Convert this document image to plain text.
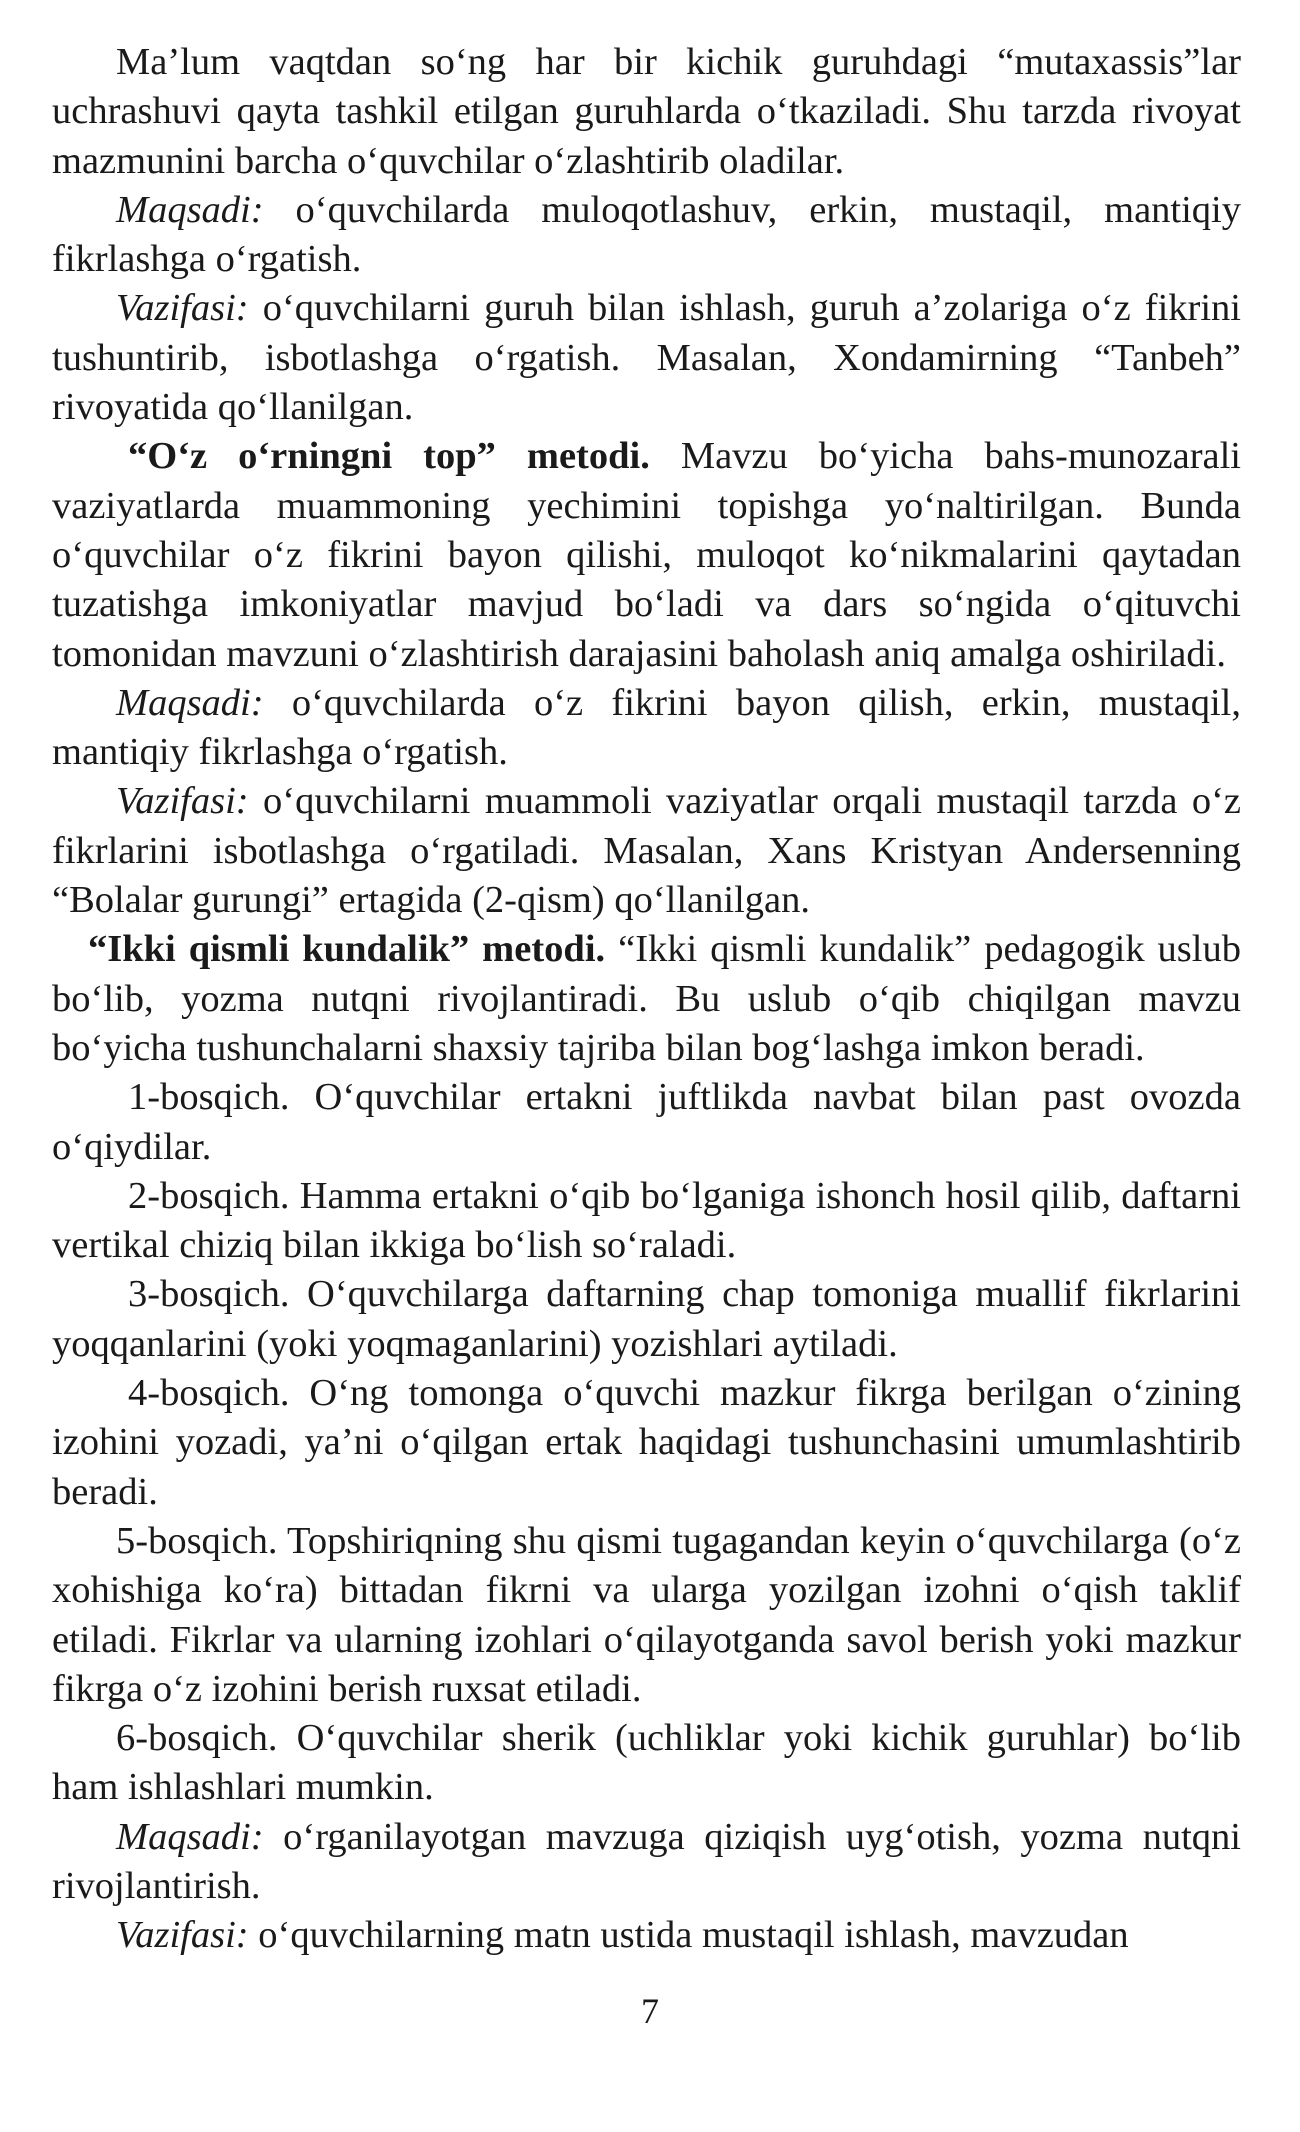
Ma’lum vaqtdan so‘ng har bir kichik guruhdagi “mutaxassis”lar uchrashuvi qayta tashkil etilgan guruhlarda o‘tkaziladi. Shu tarzda rivoyat mazmunini barcha o‘quvchilar o‘zlashtirib oladilar.

Maqsadi: o‘quvchilarda muloqotlashuv, erkin, mustaqil, mantiqiy fikrlashga o‘rgatish.

Vazifasi: o‘quvchilarni guruh bilan ishlash, guruh a’zolariga o‘z fikrini tushuntirib, isbotlashga o‘rgatish. Masalan, Xondamirning “Tanbeh” rivoyatida qo‘llanilgan.

“O‘z o‘rningni top” metodi. Mavzu bo‘yicha bahs-munozarali vaziyatlarda muammoning yechimini topishga yo‘naltirilgan. Bunda o‘quvchilar o‘z fikrini bayon qilishi, muloqot ko‘nikmalarini qaytadan tuzatishga imkoniyatlar mavjud bo‘ladi va dars so‘ngida o‘qituvchi tomonidan mavzuni o‘zlashtirish darajasini baholash aniq amalga oshiriladi.

Maqsadi: o‘quvchilarda o‘z fikrini bayon qilish, erkin, mustaqil, mantiqiy fikrlashga o‘rgatish.

Vazifasi: o‘quvchilarni muammoli vaziyatlar orqali mustaqil tarzda o‘z fikrlarini isbotlashga o‘rgatiladi. Masalan, Xans Kristyan Andersenning “Bolalar gurungi” ertagida (2-qism) qo‘llanilgan.

“Ikki qismli kundalik” metodi. “Ikki qismli kundalik” pedagogik uslub bo‘lib, yozma nutqni rivojlantiradi. Bu uslub o‘qib chiqilgan mavzu bo‘yicha tushunchalarni shaxsiy tajriba bilan bog‘lashga imkon beradi.

1-bosqich. O‘quvchilar ertakni juftlikda navbat bilan past ovozda o‘qiydilar.

2-bosqich. Hamma ertakni o‘qib bo‘lganiga ishonch hosil qilib, daftarni vertikal chiziq bilan ikkiga bo‘lish so‘raladi.

3-bosqich. O‘quvchilarga daftarning chap tomoniga muallif fikrlarini yoqqanlarini (yoki yoqmaganlarini) yozishlari aytiladi.

4-bosqich. O‘ng tomonga o‘quvchi mazkur fikrga berilgan o‘zining izohini yozadi, ya’ni o‘qilgan ertak haqidagi tushunchasini umumlashtirib beradi.

5-bosqich. Topshiriqning shu qismi tugagandan keyin o‘quvchilarga (o‘z xohishiga ko‘ra) bittadan fikrni va ularga yozilgan izohni o‘qish taklif etiladi. Fikrlar va ularning izohlari o‘qilayotganda savol berish yoki mazkur fikrga o‘z izohini berish ruxsat etiladi.

6-bosqich. O‘quvchilar sherik (uchliklar yoki kichik guruhlar) bo‘lib ham ishlashlari mumkin.

Maqsadi: o‘rganilayotgan mavzuga qiziqish uyg‘otish, yozma nutqni rivojlantirish.

Vazifasi: o‘quvchilarning matn ustida mustaqil ishlash, mavzudan

7
